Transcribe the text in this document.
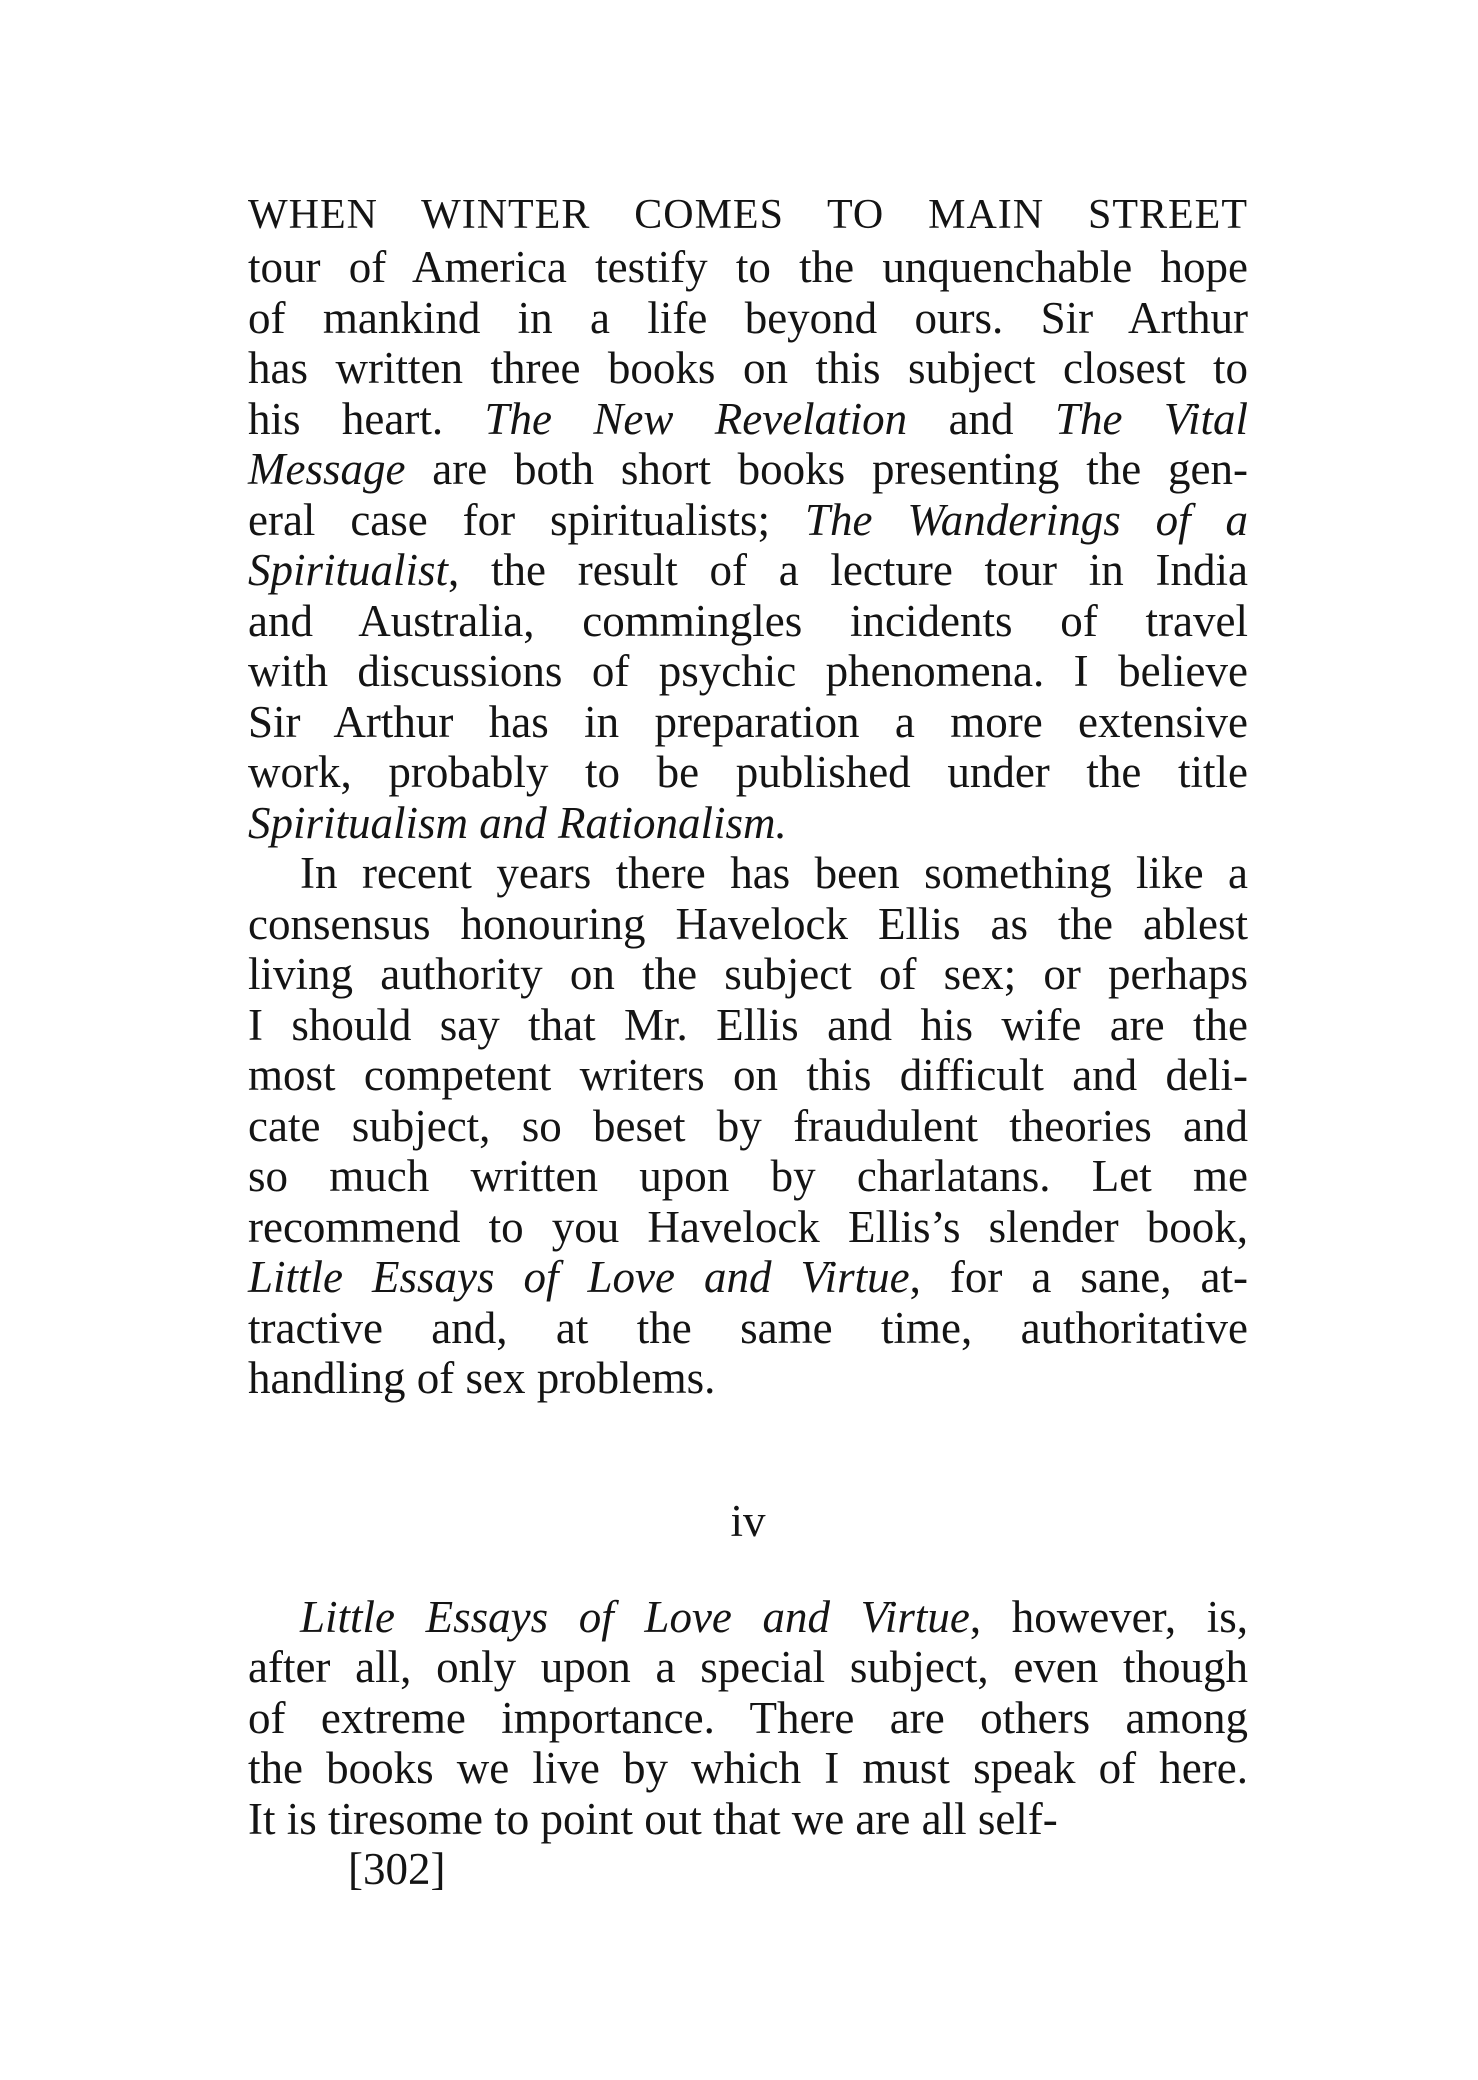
WHEN WINTER COMES TO MAIN STREET
tour of America testify to the unquenchable hope
of mankind in a life beyond ours. Sir Arthur
has written three books on this subject closest to
his heart. The New Revelation and The Vital
Message are both short books presenting the gen-
eral case for spiritualists; The Wanderings of a
Spiritualist, the result of a lecture tour in India
and Australia, commingles incidents of travel
with discussions of psychic phenomena. I believe
Sir Arthur has in preparation a more extensive
work, probably to be published under the title
Spiritualism and Rationalism.
In recent years there has been something like a
consensus honouring Havelock Ellis as the ablest
living authority on the subject of sex; or perhaps
I should say that Mr. Ellis and his wife are the
most competent writers on this difficult and deli-
cate subject, so beset by fraudulent theories and
so much written upon by charlatans. Let me
recommend to you Havelock Ellis’s slender book,
Little Essays of Love and Virtue, for a sane, at-
tractive and, at the same time, authoritative
handling of sex problems.
iv
Little Essays of Love and Virtue, however, is,
after all, only upon a special subject, even though
of extreme importance. There are others among
the books we live by which I must speak of here.
It is tiresome to point out that we are all self-
[302]
